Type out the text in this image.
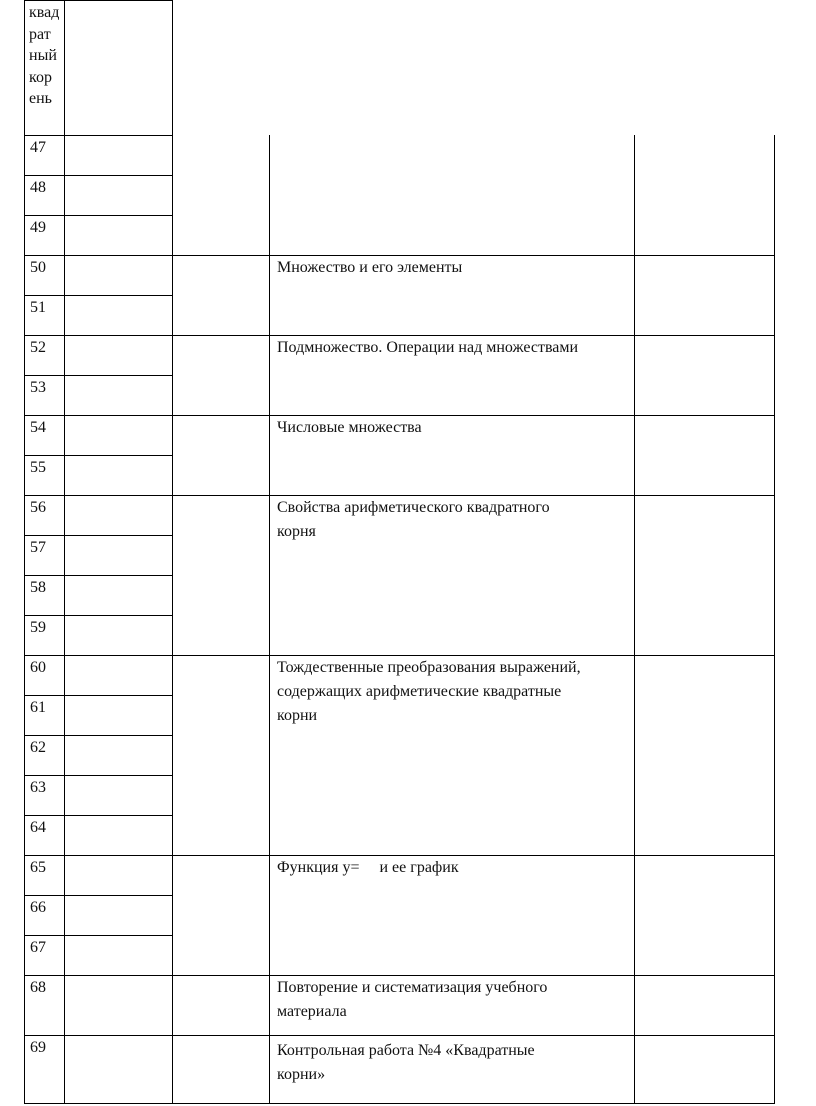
квад
рат
ный
кор
ень
47
48
49
50
51
52
53
54
55
56
57
58
59
60
61
62
63
64
65
66
67
68
69
Множество и его элементы
Подмножество. Операции над множествами
Числовые множества
Свойства арифметического квадратного
корня
Тождественные преобразования выражений,
содержащих арифметические квадратные
корни
Функция y=     и ее график
Повторение и систематизация учебного
материала
Контрольная работа №4 «Квадратные
корни»
